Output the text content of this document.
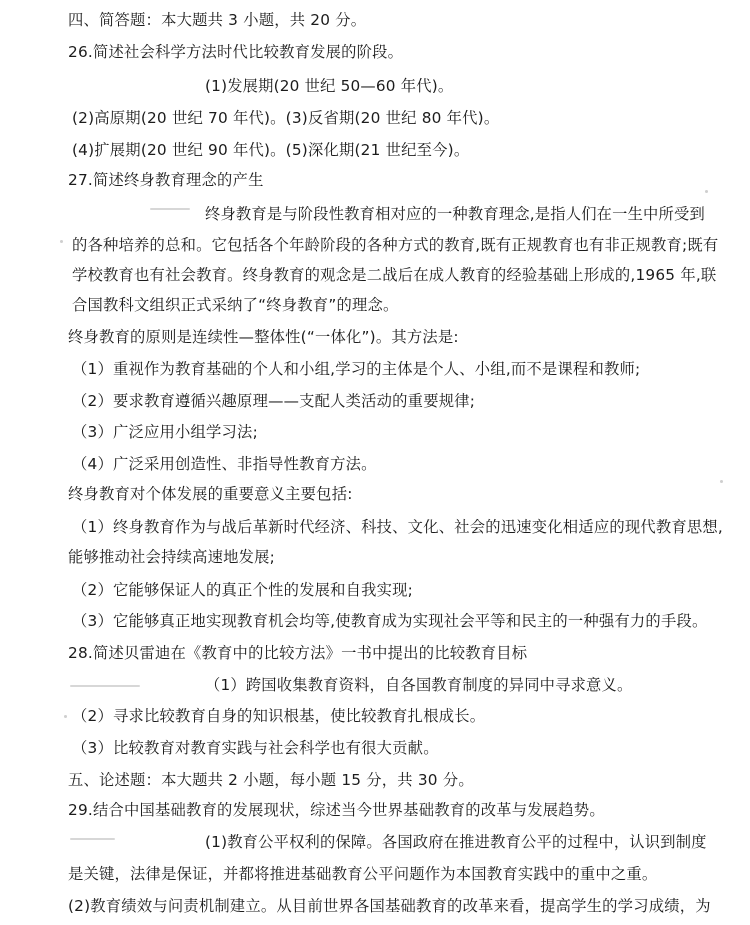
四、简答题：本大题共 3 小题，共 20 分。
26.简述社会科学方法时代比较教育发展的阶段。
(1)发展期(20 世纪 50—60 年代)。
(2)高原期(20 世纪 70 年代)。(3)反省期(20 世纪 80 年代)。
(4)扩展期(20 世纪 90 年代)。(5)深化期(21 世纪至今)。
27.简述终身教育理念的产生
终身教育是与阶段性教育相对应的一种教育理念,是指人们在一生中所受到
的各种培养的总和。它包括各个年龄阶段的各种方式的教育,既有正规教育也有非正规教育;既有
学校教育也有社会教育。终身教育的观念是二战后在成人教育的经验基础上形成的,1965 年,联
合国教科文组织正式采纳了“终身教育”的理念。
终身教育的原则是连续性—整体性(“一体化”)。其方法是:
（1）重视作为教育基础的个人和小组,学习的主体是个人、小组,而不是课程和教师;
（2）要求教育遵循兴趣原理——支配人类活动的重要规律;
（3）广泛应用小组学习法;
（4）广泛采用创造性、非指导性教育方法。
终身教育对个体发展的重要意义主要包括:
（1）终身教育作为与战后革新时代经济、科技、文化、社会的迅速变化相适应的现代教育思想,
能够推动社会持续高速地发展;
（2）它能够保证人的真正个性的发展和自我实现;
（3）它能够真正地实现教育机会均等,使教育成为实现社会平等和民主的一种强有力的手段。
28.简述贝雷迪在《教育中的比较方法》一书中提出的比较教育目标
（1）跨国收集教育资料，自各国教育制度的异同中寻求意义。
（2）寻求比较教育自身的知识根基，使比较教育扎根成长。
（3）比较教育对教育实践与社会科学也有很大贡献。
五、论述题：本大题共 2 小题，每小题 15 分，共 30 分。
29.结合中国基础教育的发展现状，综述当今世界基础教育的改革与发展趋势。
(1)教育公平权利的保障。各国政府在推进教育公平的过程中，认识到制度
是关键，法律是保证，并都将推进基础教育公平问题作为本国教育实践中的重中之重。
(2)教育绩效与问责机制建立。从目前世界各国基础教育的改革来看，提高学生的学习成绩，为
